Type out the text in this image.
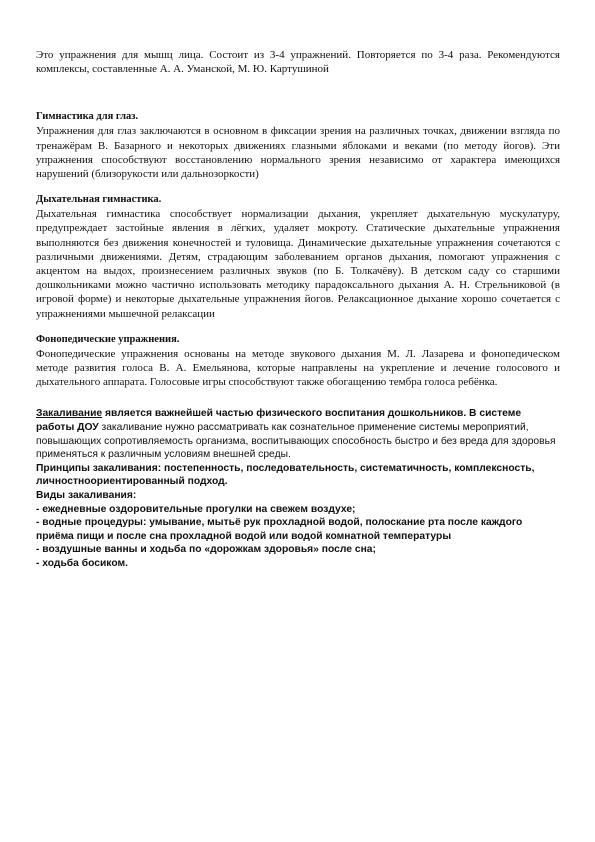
Это упражнения для мышц лица. Состоит из 3-4 упражнений. Повторяется по 3-4 раза. Рекомендуются комплексы, составленные А. А. Уманской, М. Ю. Картушиной

Гимнастика для глаз.

Упражнения для глаз заключаются в основном в фиксации зрения на различных точках, движении взгляда по тренажёрам В. Базарного и некоторых движениях глазными яблоками и веками (по методу йогов). Эти упражнения способствуют восстановлению нормального зрения независимо от характера имеющихся нарушений (близорукости или дальнозоркости)

Дыхательная гимнастика.

Дыхательная гимнастика способствует нормализации дыхания, укрепляет дыхательную мускулатуру, предупреждает застойные явления в лёгких, удаляет мокроту. Статические дыхательные упражнения выполняются без движения конечностей и туловища. Динамические дыхательные упражнения сочетаются с различными движениями. Детям, страдающим заболеванием органов дыхания, помогают упражнения с акцентом на выдох, произнесением различных звуков (по Б. Толкачёву). В детском саду со старшими дошкольниками можно частично использовать методику парадоксального дыхания А. Н. Стрельниковой (в игровой форме) и некоторые дыхательные упражнения йогов. Релаксационное дыхание хорошо сочетается с упражнениями мышечной релаксации

Фонопедические упражнения.

Фонопедические упражнения основаны на методе звукового дыхания М. Л. Лазарева и фонопедическом методе развития голоса В. А. Емельянова, которые направлены на укрепление и лечение голосового и дыхательного аппарата. Голосовые игры способствуют также обогащению тембра голоса ребёнка.

Закаливание является важнейшей частью физического воспитания дошкольников. В системе работы ДОУ закаливание нужно рассматривать как сознательное применение системы мероприятий, повышающих сопротивляемость организма, воспитывающих способность быстро и без вреда для здоровья применяться к различным условиям внешней среды.

Принципы закаливания: постепенность, последовательность, систематичность, комплексность, личностноориентированный подход.

Виды закаливания:

- ежедневные оздоровительные прогулки на свежем воздухе;

- водные процедуры: умывание, мытьё рук прохладной водой, полоскание рта после каждого приёма пищи и после сна прохладной водой или водой комнатной температуры

- воздушные ванны и ходьба по «дорожкам здоровья» после сна;

- ходьба босиком.
